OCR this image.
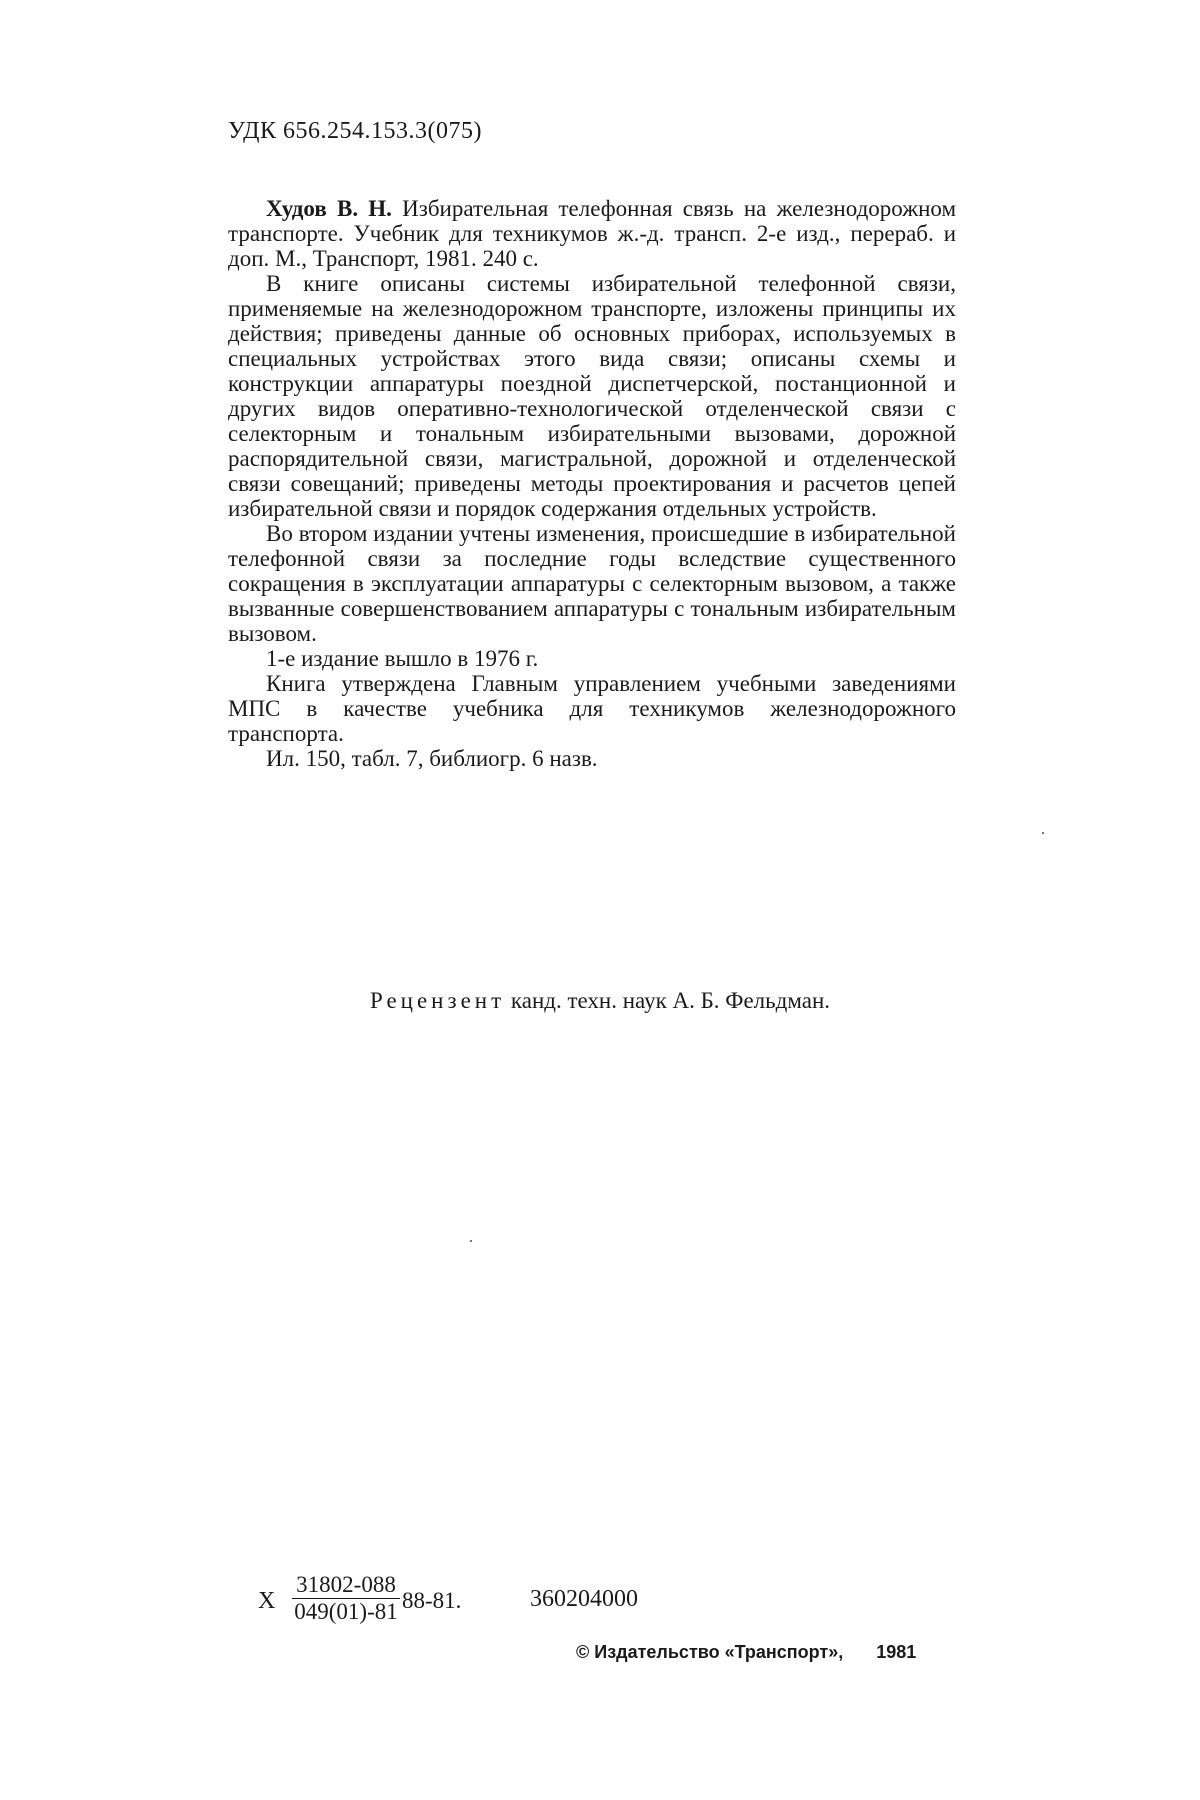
УДК 656.254.153.3(075)

Худов В. Н. Избирательная телефонная связь на железнодорожном транспорте. Учебник для техникумов ж.-д. трансп. 2-е изд., перераб. и доп. М., Транспорт, 1981. 240 с.

В книге описаны системы избирательной телефонной связи, применяемые на железнодорожном транспорте, изложены принципы их действия; приведены данные об основных приборах, используемых в специальных устройствах этого вида связи; описаны схемы и конструкции аппаратуры поездной диспетчерской, постанционной и других видов оперативно-технологической отделенческой связи с селекторным и тональным избирательными вызовами, дорожной распорядительной связи, магистральной, дорожной и отделенческой связи совещаний; приведены методы проектирования и расчетов цепей избирательной связи и порядок содержания отдельных устройств.

Во втором издании учтены изменения, происшедшие в избирательной телефонной связи за последние годы вследствие существенного сокращения в эксплуатации аппаратуры с селекторным вызовом, а также вызванные совершенствованием аппаратуры с тональным избирательным вызовом.

1-е издание вышло в 1976 г.

Книга утверждена Главным управлением учебными заведениями МПС в качестве учебника для техникумов железнодорожного транспорта.

Ил. 150, табл. 7, библиогр. 6 назв.

Рецензент канд. техн. наук А. Б. Фельдман.
Х $\frac{31802-088}{049(01)-81} 88-81$.	360204000
© Издательство «Транспорт», 1981
